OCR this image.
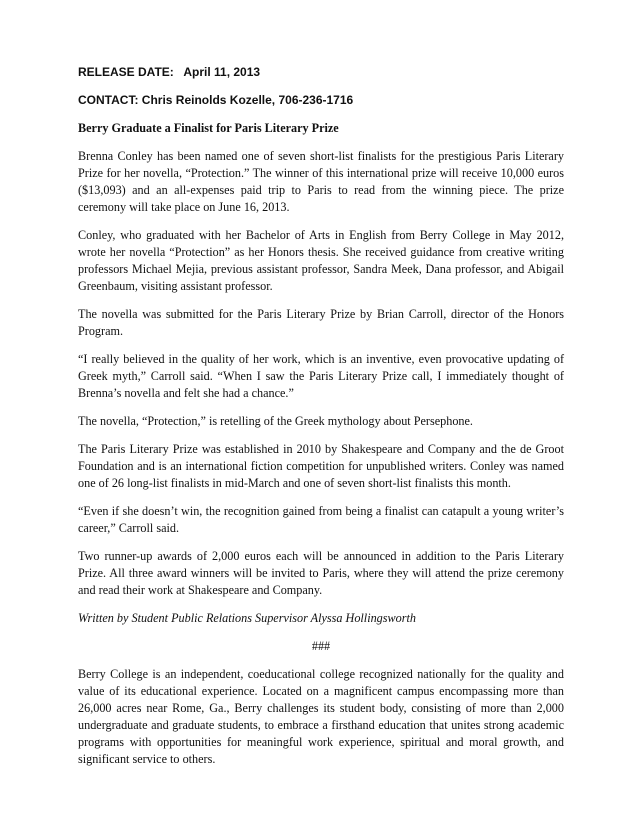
RELEASE DATE: April 11, 2013
CONTACT: Chris Reinolds Kozelle, 706-236-1716
Berry Graduate a Finalist for Paris Literary Prize

Brenna Conley has been named one of seven short-list finalists for the prestigious Paris Literary Prize for her novella, “Protection.” The winner of this international prize will receive 10,000 euros ($13,093) and an all-expenses paid trip to Paris to read from the winning piece. The prize ceremony will take place on June 16, 2013.

Conley, who graduated with her Bachelor of Arts in English from Berry College in May 2012, wrote her novella “Protection” as her Honors thesis. She received guidance from creative writing professors Michael Mejia, previous assistant professor, Sandra Meek, Dana professor, and Abigail Greenbaum, visiting assistant professor.

The novella was submitted for the Paris Literary Prize by Brian Carroll, director of the Honors Program.

“I really believed in the quality of her work, which is an inventive, even provocative updating of Greek myth,” Carroll said. “When I saw the Paris Literary Prize call, I immediately thought of Brenna’s novella and felt she had a chance.”

The novella, “Protection,” is retelling of the Greek mythology about Persephone.

The Paris Literary Prize was established in 2010 by Shakespeare and Company and the de Groot Foundation and is an international fiction competition for unpublished writers. Conley was named one of 26 long-list finalists in mid-March and one of seven short-list finalists this month.

“Even if she doesn’t win, the recognition gained from being a finalist can catapult a young writer’s career,” Carroll said.

Two runner-up awards of 2,000 euros each will be announced in addition to the Paris Literary Prize. All three award winners will be invited to Paris, where they will attend the prize ceremony and read their work at Shakespeare and Company.

Written by Student Public Relations Supervisor Alyssa Hollingsworth

###

Berry College is an independent, coeducational college recognized nationally for the quality and value of its educational experience. Located on a magnificent campus encompassing more than 26,000 acres near Rome, Ga., Berry challenges its student body, consisting of more than 2,000 undergraduate and graduate students, to embrace a firsthand education that unites strong academic programs with opportunities for meaningful work experience, spiritual and moral growth, and significant service to others.
